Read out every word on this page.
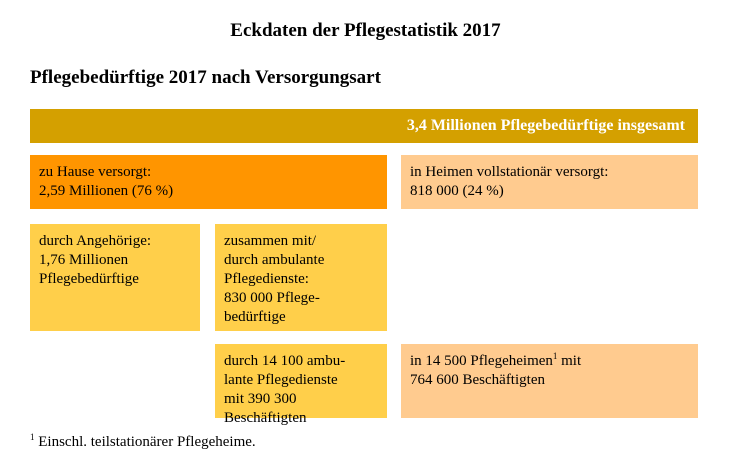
Eckdaten der Pflegestatistik 2017
Pflegebedürftige 2017 nach Versorgungsart
3,4 Millionen Pflegebedürftige insgesamt
zu Hause versorgt:
2,59 Millionen (76 %)
in Heimen vollstationär versorgt:
818 000 (24 %)
durch Angehörige:
1,76 Millionen
Pflegebedürftige
zusammen mit/
durch ambulante
Pflegedienste:
830 000 Pflege-
bedürftige
durch 14 100 ambu-
lante Pflegedienste
mit 390 300
Beschäftigten
in 14 500 Pflegeheimen$^1$ mit
764 600 Beschäftigten
$^1$ Einschl. teilstationärer Pflegeheime.
